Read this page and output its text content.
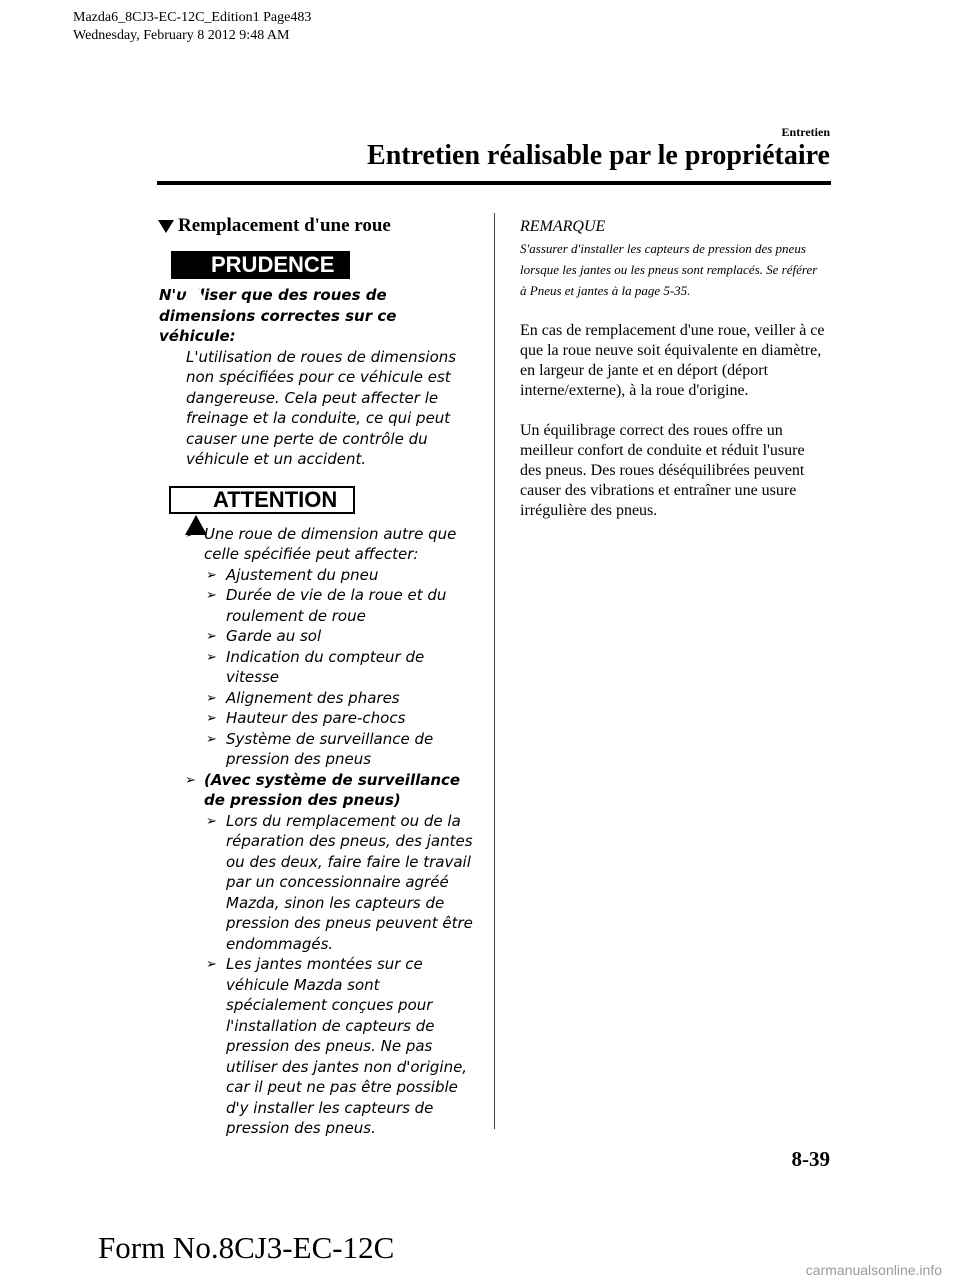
Mazda6_8CJ3-EC-12C_Edition1 Page483
Wednesday, February 8 2012 9:48 AM
Entretien
Entretien réalisable par le propriétaire
Remplacement d'une roue
! PRUDENCE
N'utiliser que des roues de dimensions correctes sur ce véhicule:
L'utilisation de roues de dimensions non spécifiées pour ce véhicule est dangereuse. Cela peut affecter le freinage et la conduite, ce qui peut causer une perte de contrôle du véhicule et un accident.
! ATTENTION
➢ Une roue de dimension autre que celle spécifiée peut affecter:
➢ Ajustement du pneu
➢ Durée de vie de la roue et du roulement de roue
➢ Garde au sol
➢ Indication du compteur de vitesse
➢ Alignement des phares
➢ Hauteur des pare-chocs
➢ Système de surveillance de pression des pneus
➢ (Avec système de surveillance de pression des pneus)
➢ Lors du remplacement ou de la réparation des pneus, des jantes ou des deux, faire faire le travail par un concessionnaire agréé Mazda, sinon les capteurs de pression des pneus peuvent être endommagés.
➢ Les jantes montées sur ce véhicule Mazda sont spécialement conçues pour l'installation de capteurs de pression des pneus. Ne pas utiliser des jantes non d'origine, car il peut ne pas être possible d'y installer les capteurs de pression des pneus.
REMARQUE
S'assurer d'installer les capteurs de pression des pneus lorsque les jantes ou les pneus sont remplacés. Se référer à Pneus et jantes à la page 5-35.
En cas de remplacement d'une roue, veiller à ce que la roue neuve soit équivalente en diamètre, en largeur de jante et en déport (déport interne/externe), à la roue d'origine.
Un équilibrage correct des roues offre un meilleur confort de conduite et réduit l'usure des pneus. Des roues déséquilibrées peuvent causer des vibrations et entraîner une usure irrégulière des pneus.
8-39
Form No.8CJ3-EC-12C
carmanualsonline.info
